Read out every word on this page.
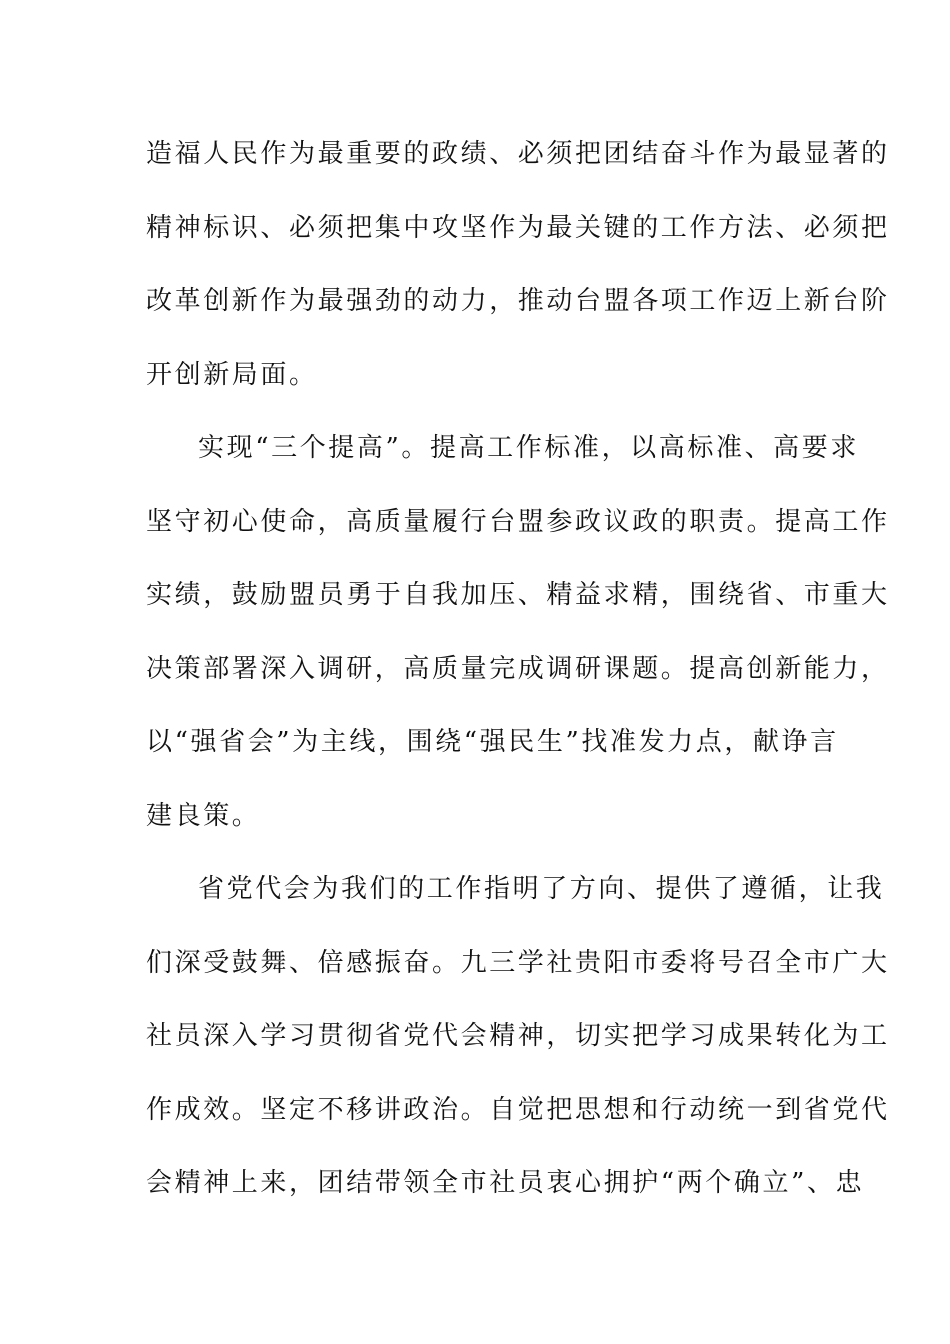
造福人民作为最重要的政绩、必须把团结奋斗作为最显著的
精神标识、必须把集中攻坚作为最关键的工作方法、必须把
改革创新作为最强劲的动力，推动台盟各项工作迈上新台阶
开创新局面。
实现“三个提高”。提高工作标准，以高标准、高要求
坚守初心使命，高质量履行台盟参政议政的职责。提高工作
实绩，鼓励盟员勇于自我加压、精益求精，围绕省、市重大
决策部署深入调研，高质量完成调研课题。提高创新能力，
以“强省会”为主线，围绕“强民生”找准发力点，献诤言
建良策。
省党代会为我们的工作指明了方向、提供了遵循，让我
们深受鼓舞、倍感振奋。九三学社贵阳市委将号召全市广大
社员深入学习贯彻省党代会精神，切实把学习成果转化为工
作成效。坚定不移讲政治。自觉把思想和行动统一到省党代
会精神上来，团结带领全市社员衷心拥护“两个确立”、忠
